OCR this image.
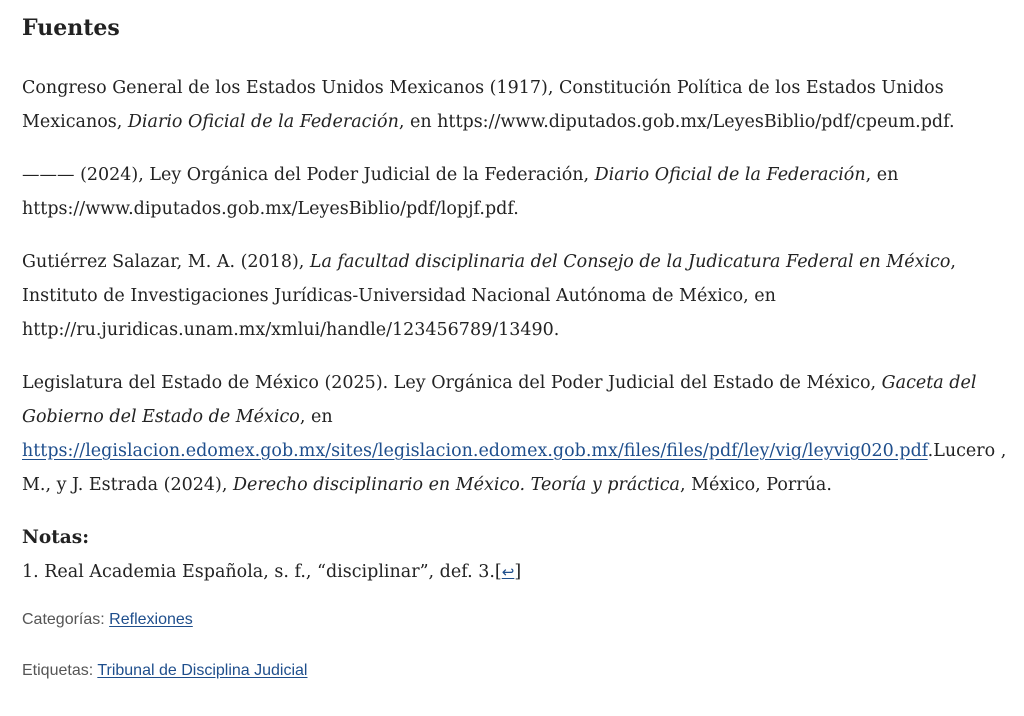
Fuentes

Congreso General de los Estados Unidos Mexicanos (1917), Constitución Política de los Estados Unidos Mexicanos, Diario Oficial de la Federación, en https://www.diputados.gob.mx/LeyesBiblio/pdf/cpeum.pdf.

——— (2024), Ley Orgánica del Poder Judicial de la Federación, Diario Oficial de la Federación, en https://www.diputados.gob.mx/LeyesBiblio/pdf/lopjf.pdf.

Gutiérrez Salazar, M. A. (2018), La facultad disciplinaria del Consejo de la Judicatura Federal en México, Instituto de Investigaciones Jurídicas-Universidad Nacional Autónoma de México, en http://ru.juridicas.unam.mx/xmlui/handle/123456789/13490.

Legislatura del Estado de México (2025). Ley Orgánica del Poder Judicial del Estado de México, Gaceta del Gobierno del Estado de México, en https://legislacion.edomex.gob.mx/sites/legislacion.edomex.gob.mx/files/files/pdf/ley/vig/leyvig020.pdf.Lucero , M., y J. Estrada (2024), Derecho disciplinario en México. Teoría y práctica, México, Porrúa.

Notas:

1. Real Academia Española, s. f., “disciplinar”, def. 3.[↩]

Categorías: Reflexiones

Etiquetas: Tribunal de Disciplina Judicial
